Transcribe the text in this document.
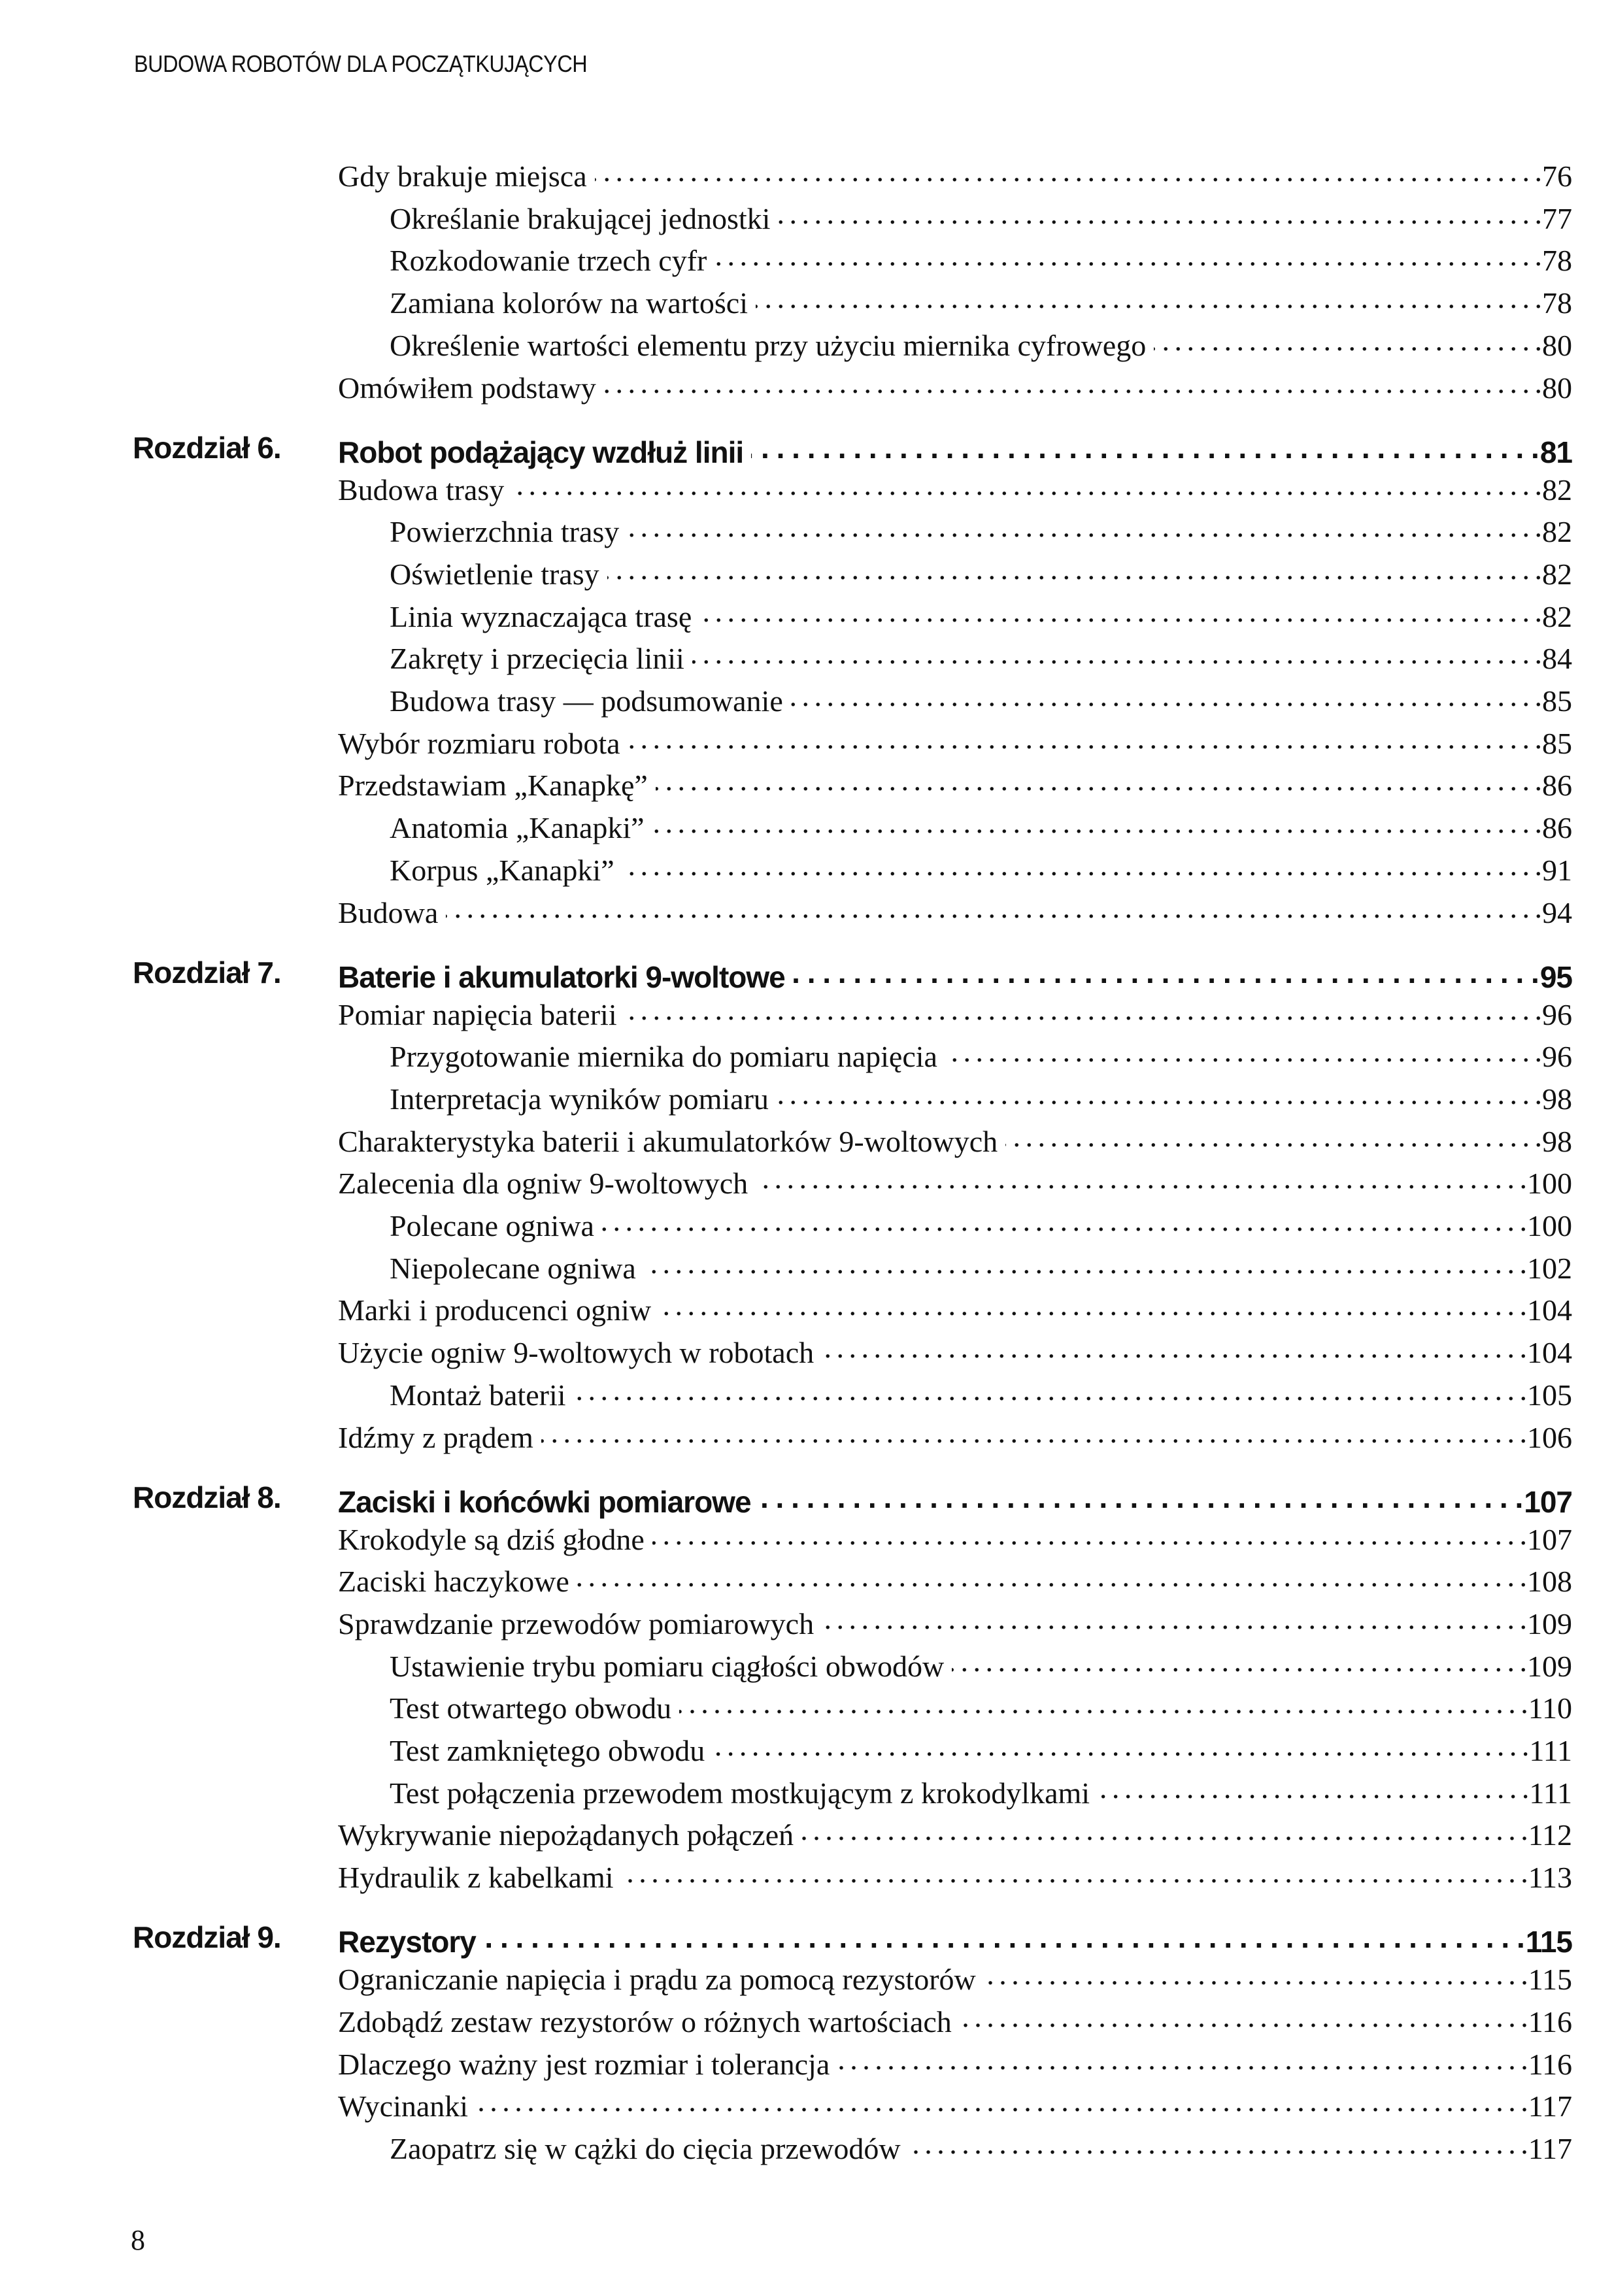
BUDOWA ROBOTÓW DLA POCZĄTKUJĄCYCH
Gdy brakuje miejsca . . .	76
Określanie brakującej jednostki . . .	77
Rozkodowanie trzech cyfr . . .	78
Zamiana kolorów na wartości . . .	78
Określenie wartości elementu przy użyciu miernika cyfrowego . . .	80
Omówiłem podstawy . . .	80
Rozdział 6. Robot podążający wzdłuż linii . . .	81
Budowa trasy . . .	82
Powierzchnia trasy . . .	82
Oświetlenie trasy . . .	82
Linia wyznaczająca trasę . . .	82
Zakręty i przecięcia linii . . .	84
Budowa trasy — podsumowanie . . .	85
Wybór rozmiaru robota . . .	85
Przedstawiam „Kanapkę” . . .	86
Anatomia „Kanapki” . . .	86
Korpus „Kanapki” . . .	91
Budowa . . .	94
Rozdział 7. Baterie i akumulatorki 9-woltowe . . .	95
Pomiar napięcia baterii . . .	96
Przygotowanie miernika do pomiaru napięcia . . .	96
Interpretacja wyników pomiaru . . .	98
Charakterystyka baterii i akumulatorków 9-woltowych . . .	98
Zalecenia dla ogniw 9-woltowych . . .	100
Polecane ogniwa . . .	100
Niepolecane ogniwa . . .	102
Marki i producenci ogniw . . .	104
Użycie ogniw 9-woltowych w robotach . . .	104
Montaż baterii . . .	105
Idźmy z prądem . . .	106
Rozdział 8. Zaciski i końcówki pomiarowe . . .	107
Krokodyle są dziś głodne . . .	107
Zaciski haczykowe . . .	108
Sprawdzanie przewodów pomiarowych . . .	109
Ustawienie trybu pomiaru ciągłości obwodów . . .	109
Test otwartego obwodu . . .	110
Test zamkniętego obwodu . . .	111
Test połączenia przewodem mostkującym z krokodylkami . . .	111
Wykrywanie niepożądanych połączeń . . .	112
Hydraulik z kabelkami . . .	113
Rozdział 9. Rezystory . . .	115
Ograniczanie napięcia i prądu za pomocą rezystorów . . .	115
Zdobądź zestaw rezystorów o różnych wartościach . . .	116
Dlaczego ważny jest rozmiar i tolerancja . . .	116
Wycinanki . . .	117
Zaopatrz się w cążki do cięcia przewodów . . .	117
8
